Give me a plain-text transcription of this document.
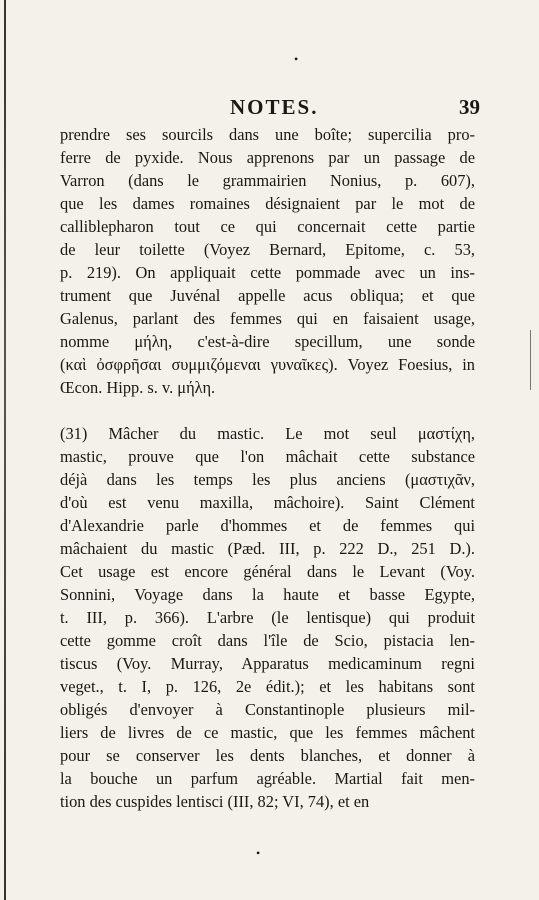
•
NOTES.	39
prendre ses sourcils dans une boîte; supercilia pro-
ferre de pyxide. Nous apprenons par un passage de
Varron (dans le grammairien Nonius, p. 607),
que les dames romaines désignaient par le mot de
callibl​epharon tout ce qui concernait cette partie
de leur toilette (Voyez Bernard, Epitome, c. 53,
p. 219). On appliquait cette pommade avec un ins-
trument que Juvénal appelle acus obliqua; et que
Galenus, parlant des femmes qui en faisaient usage,
nomme μήλη, c'est-à-dire specillum, une sonde
(καὶ ὀσφρῆσαι συμμιζόμεναι γυναῖκες). Voyez Foesius, in
Œcon. Hipp. s. v. μήλη.
(31) Mâcher du mastic. Le mot seul μαστίχη,
mastic, prouve que l'on mâchait cette substance
déjà dans les temps les plus anciens (μαστιχᾶν,
d'où est venu maxilla, mâchoire). Saint Clément
d'Alexandrie parle d'hommes et de femmes qui
mâchaient du mastic (Pæd. III, p. 222 D., 251 D.).
Cet usage est encore général dans le Levant (Voy.
Sonnini, Voyage dans la haute et basse Egypte,
t. III, p. 366). L'arbre (le lentisque) qui produit
cette gomme croît dans l'île de Scio, pistacia len-
tiscus (Voy. Murray, Apparatus medicaminum regni
veget., t. I, p. 126, 2e édit.); et les habitans sont
obligés d'envoyer à Constantinople plusieurs mil-
liers de livres de ce mastic, que les femmes mâchent
pour se conserver les dents blanches, et donner à
la bouche un parfum agréable. Martial fait men-
tion des cuspides lentisci (III, 82; VI, 74), et en
•
